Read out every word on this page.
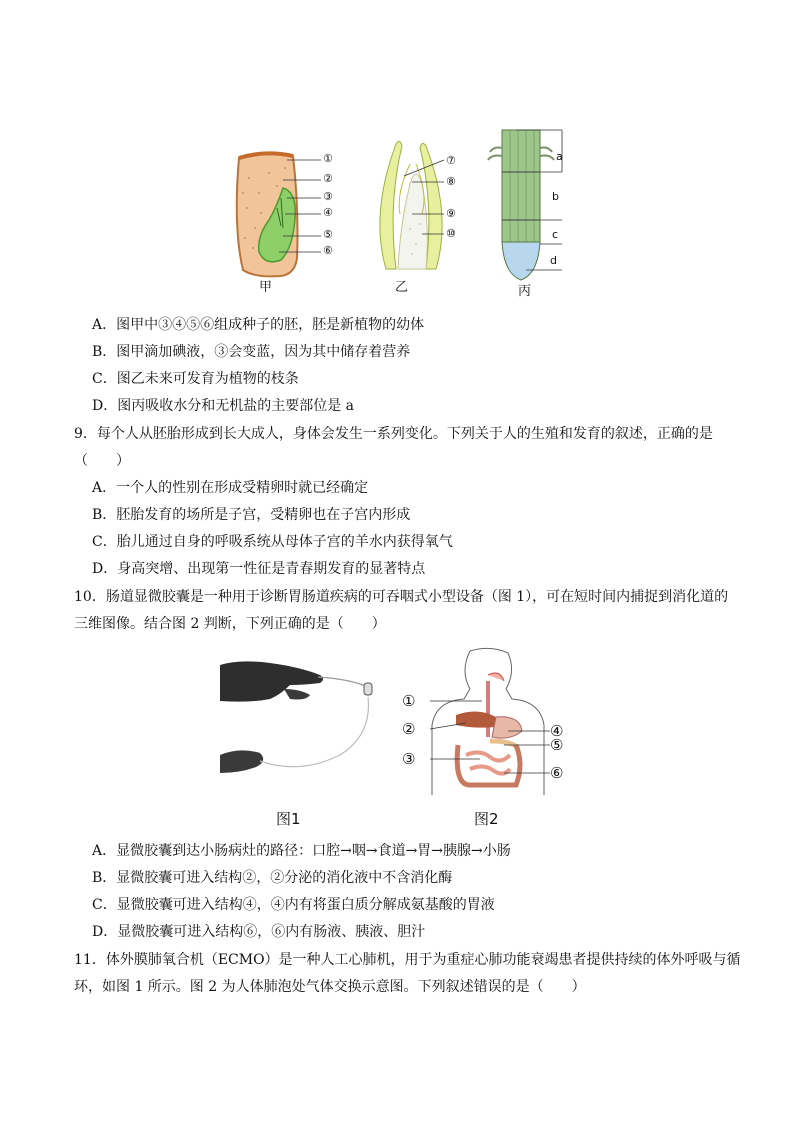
①
②
③
④
⑤
⑥
甲
⑦
⑧
⑨
⑩
乙
a
b
c
d
丙
A．图甲中③④⑤⑥组成种子的胚，胚是新植物的幼体
B．图甲滴加碘液，③会变蓝，因为其中储存着营养
C．图乙未来可发育为植物的枝条
D．图丙吸收水分和无机盐的主要部位是 a
9．每个人从胚胎形成到长大成人，身体会发生一系列变化。下列关于人的生殖和发育的叙述，正确的是
（　　）
A．一个人的性别在形成受精卵时就已经确定
B．胚胎发育的场所是子宫，受精卵也在子宫内形成
C．胎儿通过自身的呼吸系统从母体子宫的羊水内获得氧气
D．身高突增、出现第一性征是青春期发育的显著特点
10．肠道显微胶囊是一种用于诊断胃肠道疾病的可吞咽式小型设备（图 1），可在短时间内捕捉到消化道的
三维图像。结合图 2 判断，下列正确的是（　　）
图1
①
②
③
④
⑤
⑥
图2
A．显微胶囊到达小肠病灶的路径：口腔→咽→食道→胃→胰腺→小肠
B．显微胶囊可进入结构②，②分泌的消化液中不含消化酶
C．显微胶囊可进入结构④，④内有将蛋白质分解成氨基酸的胃液
D．显微胶囊可进入结构⑥，⑥内有肠液、胰液、胆汁
11．体外膜肺氧合机（ECMO）是一种人工心肺机，用于为重症心肺功能衰竭患者提供持续的体外呼吸与循
环，如图 1 所示。图 2 为人体肺泡处气体交换示意图。下列叙述错误的是（　　）
